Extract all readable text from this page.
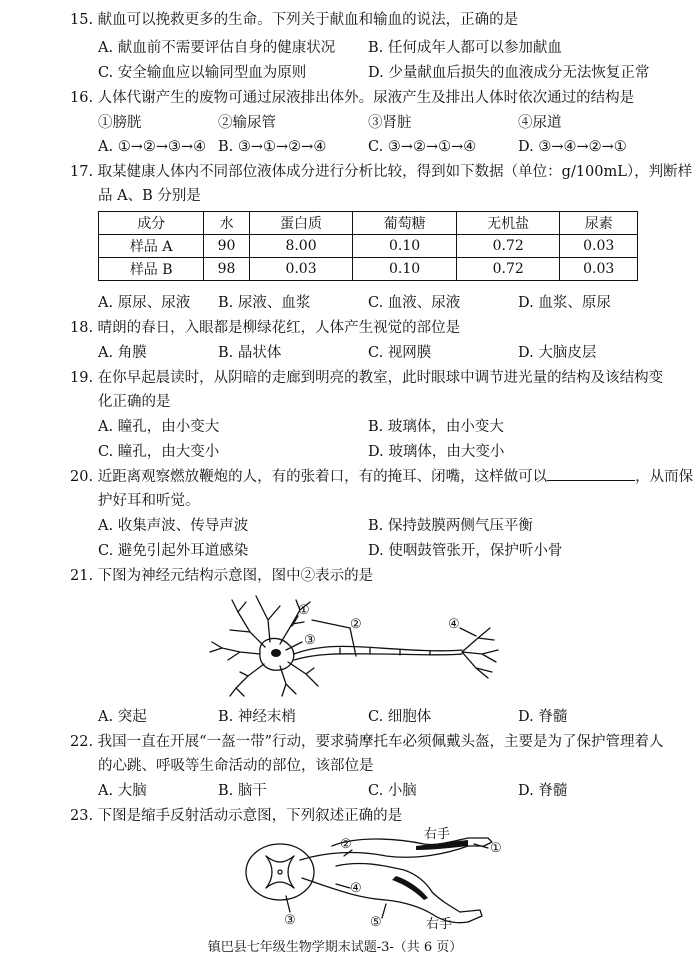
15. 献血可以挽救更多的生命。下列关于献血和输血的说法，正确的是
A. 献血前不需要评估自身的健康状况 B. 任何成年人都可以参加献血
C. 安全输血应以输同型血为原则	D. 少量献血后损失的血液成分无法恢复正常
16. 人体代谢产生的废物可通过尿液排出体外。尿液产生及排出人体时依次通过的结构是
①膀胱	②输尿管	③肾脏	④尿道
A. ①→②→③→④ B. ③→①→②→④	C. ③→②→①→④	D. ③→④→②→①
17. 取某健康人体内不同部位液体成分进行分析比较，得到如下数据（单位：g/100mL），判断样
品 A、B 分别是
成分	水	蛋白质	葡萄糖	无机盐	尿素
样品 A	90	8.00	0.10	0.72	0.03
样品 B	98	0.03	0.10	0.72	0.03
A. 原尿、尿液 B. 尿液、血浆	C. 血液、尿液	D. 血浆、原尿
18. 晴朗的春日，入眼都是柳绿花红，人体产生视觉的部位是
A. 角膜	B. 晶状体	C. 视网膜	D. 大脑皮层
19. 在你早起晨读时，从阴暗的走廊到明亮的教室，此时眼球中调节进光量的结构及该结构变
化正确的是
A. 瞳孔，由小变大	B. 玻璃体，由小变大
C. 瞳孔，由大变小	D. 玻璃体，由大变小
20. 近距离观察燃放鞭炮的人，有的张着口，有的掩耳、闭嘴，这样做可以	，从而保
护好耳和听觉。
A. 收集声波、传导声波	B. 保持鼓膜两侧气压平衡
C. 避免引起外耳道感染	D. 使咽鼓管张开，保护听小骨
21. 下图为神经元结构示意图，图中②表示的是
①
②
③
④
A. 突起	B. 神经末梢	C. 细胞体	D. 脊髓
22. 我国一直在开展“一盔一带”行动，要求骑摩托车必须佩戴头盔，主要是为了保护管理着人
的心跳、呼吸等生命活动的部位，该部位是
A. 大脑	B. 脑干	C. 小脑	D. 脊髓
23. 下图是缩手反射活动示意图，下列叙述正确的是
右手
①
②
③
④
⑤	右手
镇巴县七年级生物学期末试题-3-（共 6 页）
